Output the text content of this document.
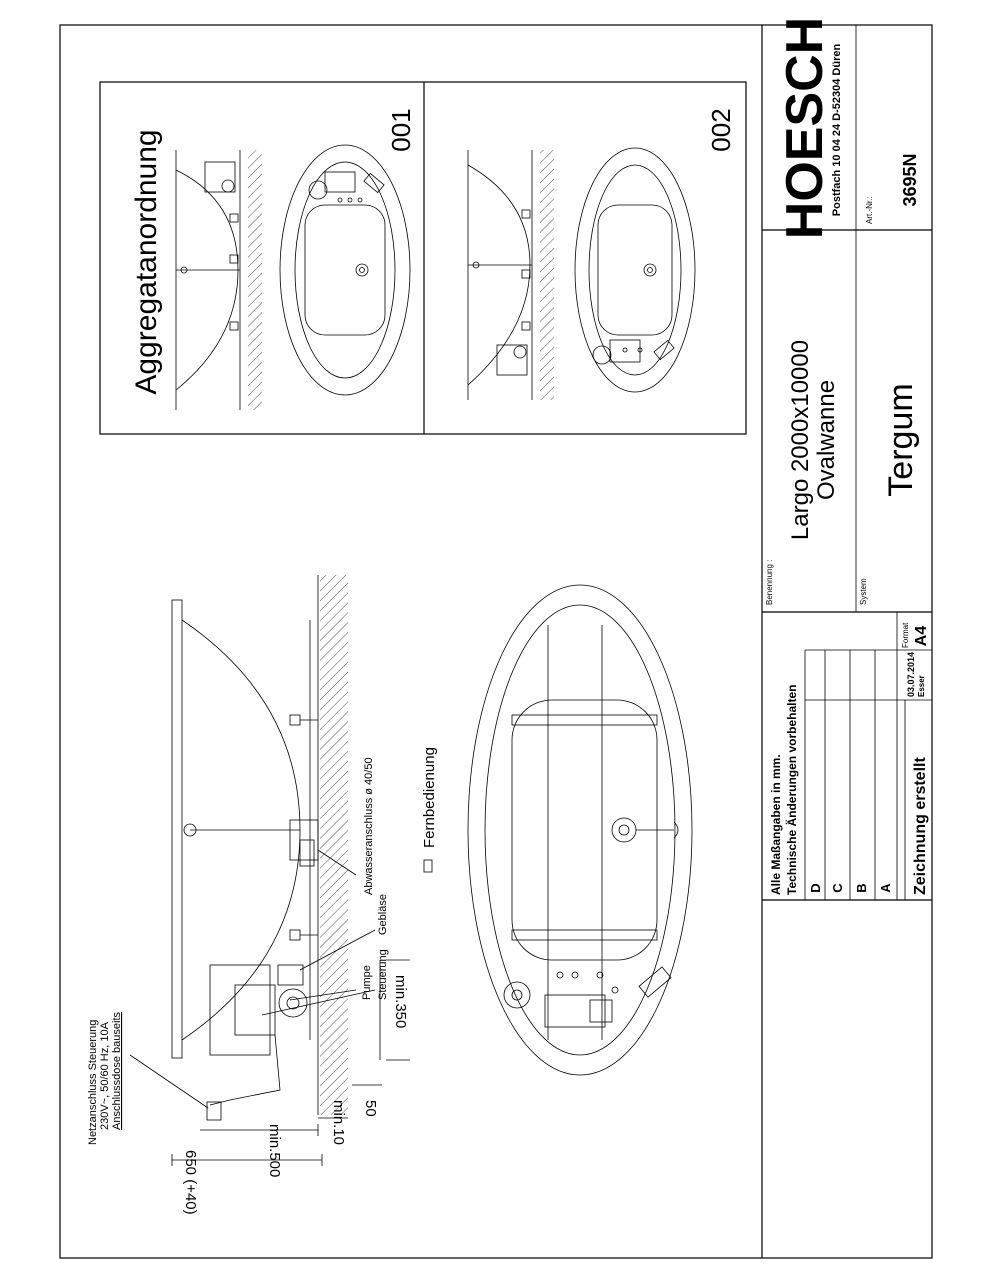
Aggregatanordnung	001	002
Netzanschluss Steuerung 230V~, 50/60 Hz, 10A Anschlussdose bauseits
Pumpe Steuerung
Gebläse
Abwasseranschluss ø 40/50	Fernbedienung
650 (+40)	min.500
min.10 50
min.350
HOESCH
Postfach 10 04 24 D-52304 Düren	Art.-Nr.:
3695N
Benennung :
Largo 2000x10000 Ovalwanne
System
Tergum
Alle Maßangaben in mm. Technische Änderungen vorbehalten D C B A Zeichnung erstellt
03.07.2014 Esser
Format A4
